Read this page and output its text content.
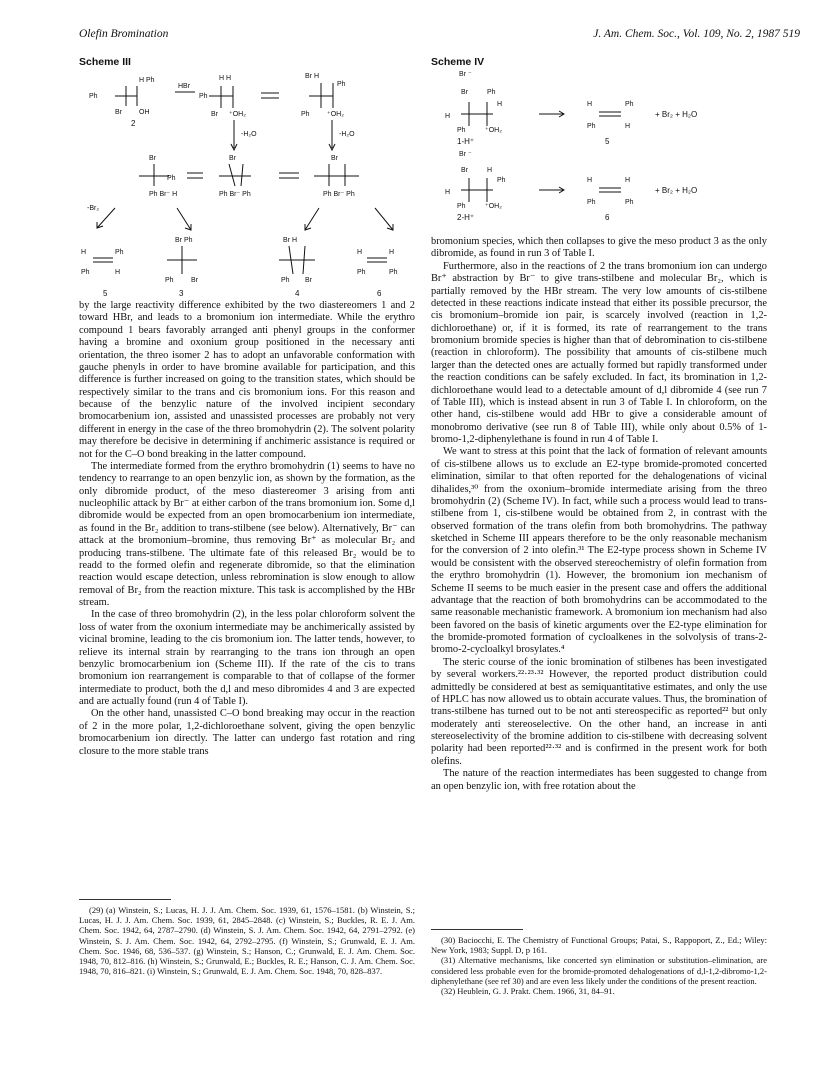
Olefin Bromination	J. Am. Chem. Soc., Vol. 109, No. 2, 1987 519
Scheme III
HBr
Ph
H Ph
Br OH
2
Ph
H H
Br ⁺OH₂
Br H
Ph
Ph ⁺OH₂
-H₂O	-H₂O
Br
Ph
Ph Br⁻ H
Br
Ph Br⁻ Ph
Br
Ph Br⁻ Ph
-Br₂
H	Ph
Ph	H
Br Ph
Ph Br
Br H
Ph Br
H	H
Ph	Ph
5	3	4	6
Scheme IV
Br ⁻
Br	Ph
H
H
Ph	⁺OH₂
1-H⁺
H	Ph
Ph	H
5
+ Br₂ + H₂O
Br ⁻
Br	H
H
Ph
Ph	⁺OH₂
2-H⁺
H	H
Ph	Ph
6
+ Br₂ + H₂O

by the large reactivity difference exhibited by the two diastereomers 1 and 2 toward HBr, and leads to a bromonium ion intermediate. While the erythro compound 1 bears favorably arranged anti phenyl groups in the conformer having a bromine and oxonium group positioned in the necessary anti orientation, the threo isomer 2 has to adopt an unfavorable conformation with gauche phenyls in order to have bromine available for participation, and this difference is further increased on going to the transition states, which should be respectively similar to the trans and cis bromonium ions. For this reason and because of the benzylic nature of the involved incipient secondary bromocarbenium ion, assisted and unassisted processes are probably not very different in energy in the case of the threo bromohydrin (2). The solvent polarity may therefore be decisive in determining if anchimeric assistance is required or not for the C–O bond breaking in the latter compound.

The intermediate formed from the erythro bromohydrin (1) seems to have no tendency to rearrange to an open benzylic ion, as shown by the formation, as the only dibromide product, of the meso diastereomer 3 arising from anti nucleophilic attack by Br⁻ at either carbon of the trans bromonium ion. Some d,l dibromide would be expected from an open bromocarbenium ion intermediate, as found in the Br₂ addition to trans-stilbene (see below). Alternatively, Br⁻ can attack at the bromonium–bromine, thus removing Br⁺ as molecular Br₂ and producing trans-stilbene. The ultimate fate of this released Br₂ would be to readd to the formed olefin and regenerate dibromide, so that the elimination reaction would escape detection, unless rebromination is slow enough to allow removal of Br₂ from the reaction mixture. This task is accomplished by the HBr stream.

In the case of threo bromohydrin (2), in the less polar chloroform solvent the loss of water from the oxonium intermediate may be anchimerically assisted by vicinal bromine, leading to the cis bromonium ion. The latter tends, however, to relieve its internal strain by rearranging to the trans ion through an open benzylic bromocarbenium ion (Scheme III). If the rate of the cis to trans bromonium ion rearrangement is comparable to that of collapse of the former intermediate to product, both the d,l and meso dibromides 4 and 3 are expected and are actually found (run 4 of Table I).

On the other hand, unassisted C–O bond breaking may occur in the reaction of 2 in the more polar, 1,2-dichloroethane solvent, giving the open benzylic bromocarbenium ion directly. The latter can undergo fast rotation and ring closure to the more stable trans

(29) (a) Winstein, S.; Lucas, H. J. J. Am. Chem. Soc. 1939, 61, 1576–1581. (b) Winstein, S.; Lucas, H. J. J. Am. Chem. Soc. 1939, 61, 2845–2848. (c) Winstein, S.; Buckles, R. E. J. Am. Chem. Soc. 1942, 64, 2787–2790. (d) Winstein, S. J. Am. Chem. Soc. 1942, 64, 2791–2792. (e) Winstein, S. J. Am. Chem. Soc. 1942, 64, 2792–2795. (f) Winstein, S.; Grunwald, E. J. Am. Chem. Soc. 1946, 68, 536–537. (g) Winstein, S.; Hanson, C.; Grunwald, E. J. Am. Chem. Soc. 1948, 70, 812–816. (h) Winstein, S.; Grunwald, E.; Buckles, R. E.; Hanson, C. J. Am. Chem. Soc. 1948, 70, 816–821. (i) Winstein, S.; Grunwald, E. J. Am. Chem. Soc. 1948, 70, 828–837.

bromonium species, which then collapses to give the meso product 3 as the only dibromide, as found in run 3 of Table I.

Furthermore, also in the reactions of 2 the trans bromonium ion can undergo Br⁺ abstraction by Br⁻ to give trans-stilbene and molecular Br₂, which is partially removed by the HBr stream. The very low amounts of cis-stilbene detected in these reactions indicate instead that either its possible precursor, the cis bromonium–bromide ion pair, is scarcely involved (reaction in 1,2-dichloroethane) or, if it is formed, its rate of rearrangement to the trans bromonium bromide species is higher than that of debromination to cis-stilbene (reaction in chloroform). The possibility that amounts of cis-stilbene much larger than the detected ones are actually formed but rapidly transformed under the reaction conditions can be safely excluded. In fact, its bromination in 1,2-dichloroethane would lead to a detectable amount of d,l dibromide 4 (see run 7 of Table III), which is instead absent in run 3 of Table I. In chloroform, on the other hand, cis-stilbene would add HBr to give a considerable amount of monobromo derivative (see run 8 of Table III), while only about 0.5% of 1-bromo-1,2-diphenylethane is found in run 4 of Table I.

We want to stress at this point that the lack of formation of relevant amounts of cis-stilbene allows us to exclude an E2-type bromide-promoted concerted elimination, similar to that often reported for the dehalogenations of vicinal dihalides,³⁰ from the oxonium–bromide intermediate arising from the threo bromohydrin (2) (Scheme IV). In fact, while such a process would lead to trans-stilbene from 1, cis-stilbene would be obtained from 2, in contrast with the observed formation of the trans olefin from both bromohydrins. The pathway sketched in Scheme III appears therefore to be the only reasonable mechanism for the conversion of 2 into olefin.³¹ The E2-type process shown in Scheme IV would be consistent with the observed stereochemistry of olefin formation from the erythro bromohydrin (1). However, the bromonium ion mechanism of Scheme II seems to be much easier in the present case and offers the additional advantage that the reaction of both bromohydrins can be accommodated to the same reasonable mechanistic framework. A bromonium ion mechanism had also been favored on the basis of kinetic arguments over the E2-type elimination for the bromide-promoted formation of cycloalkenes in the solvolysis of trans-2-bromo-2-cycloalkyl brosylates.⁴

The steric course of the ionic bromination of stilbenes has been investigated by several workers.²²·²³·³² However, the reported product distribution could admittedly be considered at best as semiquantitative estimates, and only the use of HPLC has now allowed us to obtain accurate values. Thus, the bromination of trans-stilbene has turned out to be not anti stereospecific as reported²² but only moderately anti stereoselective. On the other hand, an increase in anti stereoselectivity of the bromine addition to cis-stilbene with decreasing solvent polarity had been reported²²·³² and is confirmed in the present work for both olefins.

The nature of the reaction intermediates has been suggested to change from an open benzylic ion, with free rotation about the

(30) Baciocchi, E. The Chemistry of Functional Groups; Patai, S., Rappoport, Z., Ed.; Wiley: New York, 1983; Suppl. D, p 161.

(31) Alternative mechanisms, like concerted syn elimination or substitution–elimination, are considered less probable even for the bromide-promoted dehalogenations of d,l-1,2-dibromo-1,2-diphenylethane (see ref 30) and are even less likely under the conditions of the present reaction.

(32) Heublein, G. J. Prakt. Chem. 1966, 31, 84–91.
